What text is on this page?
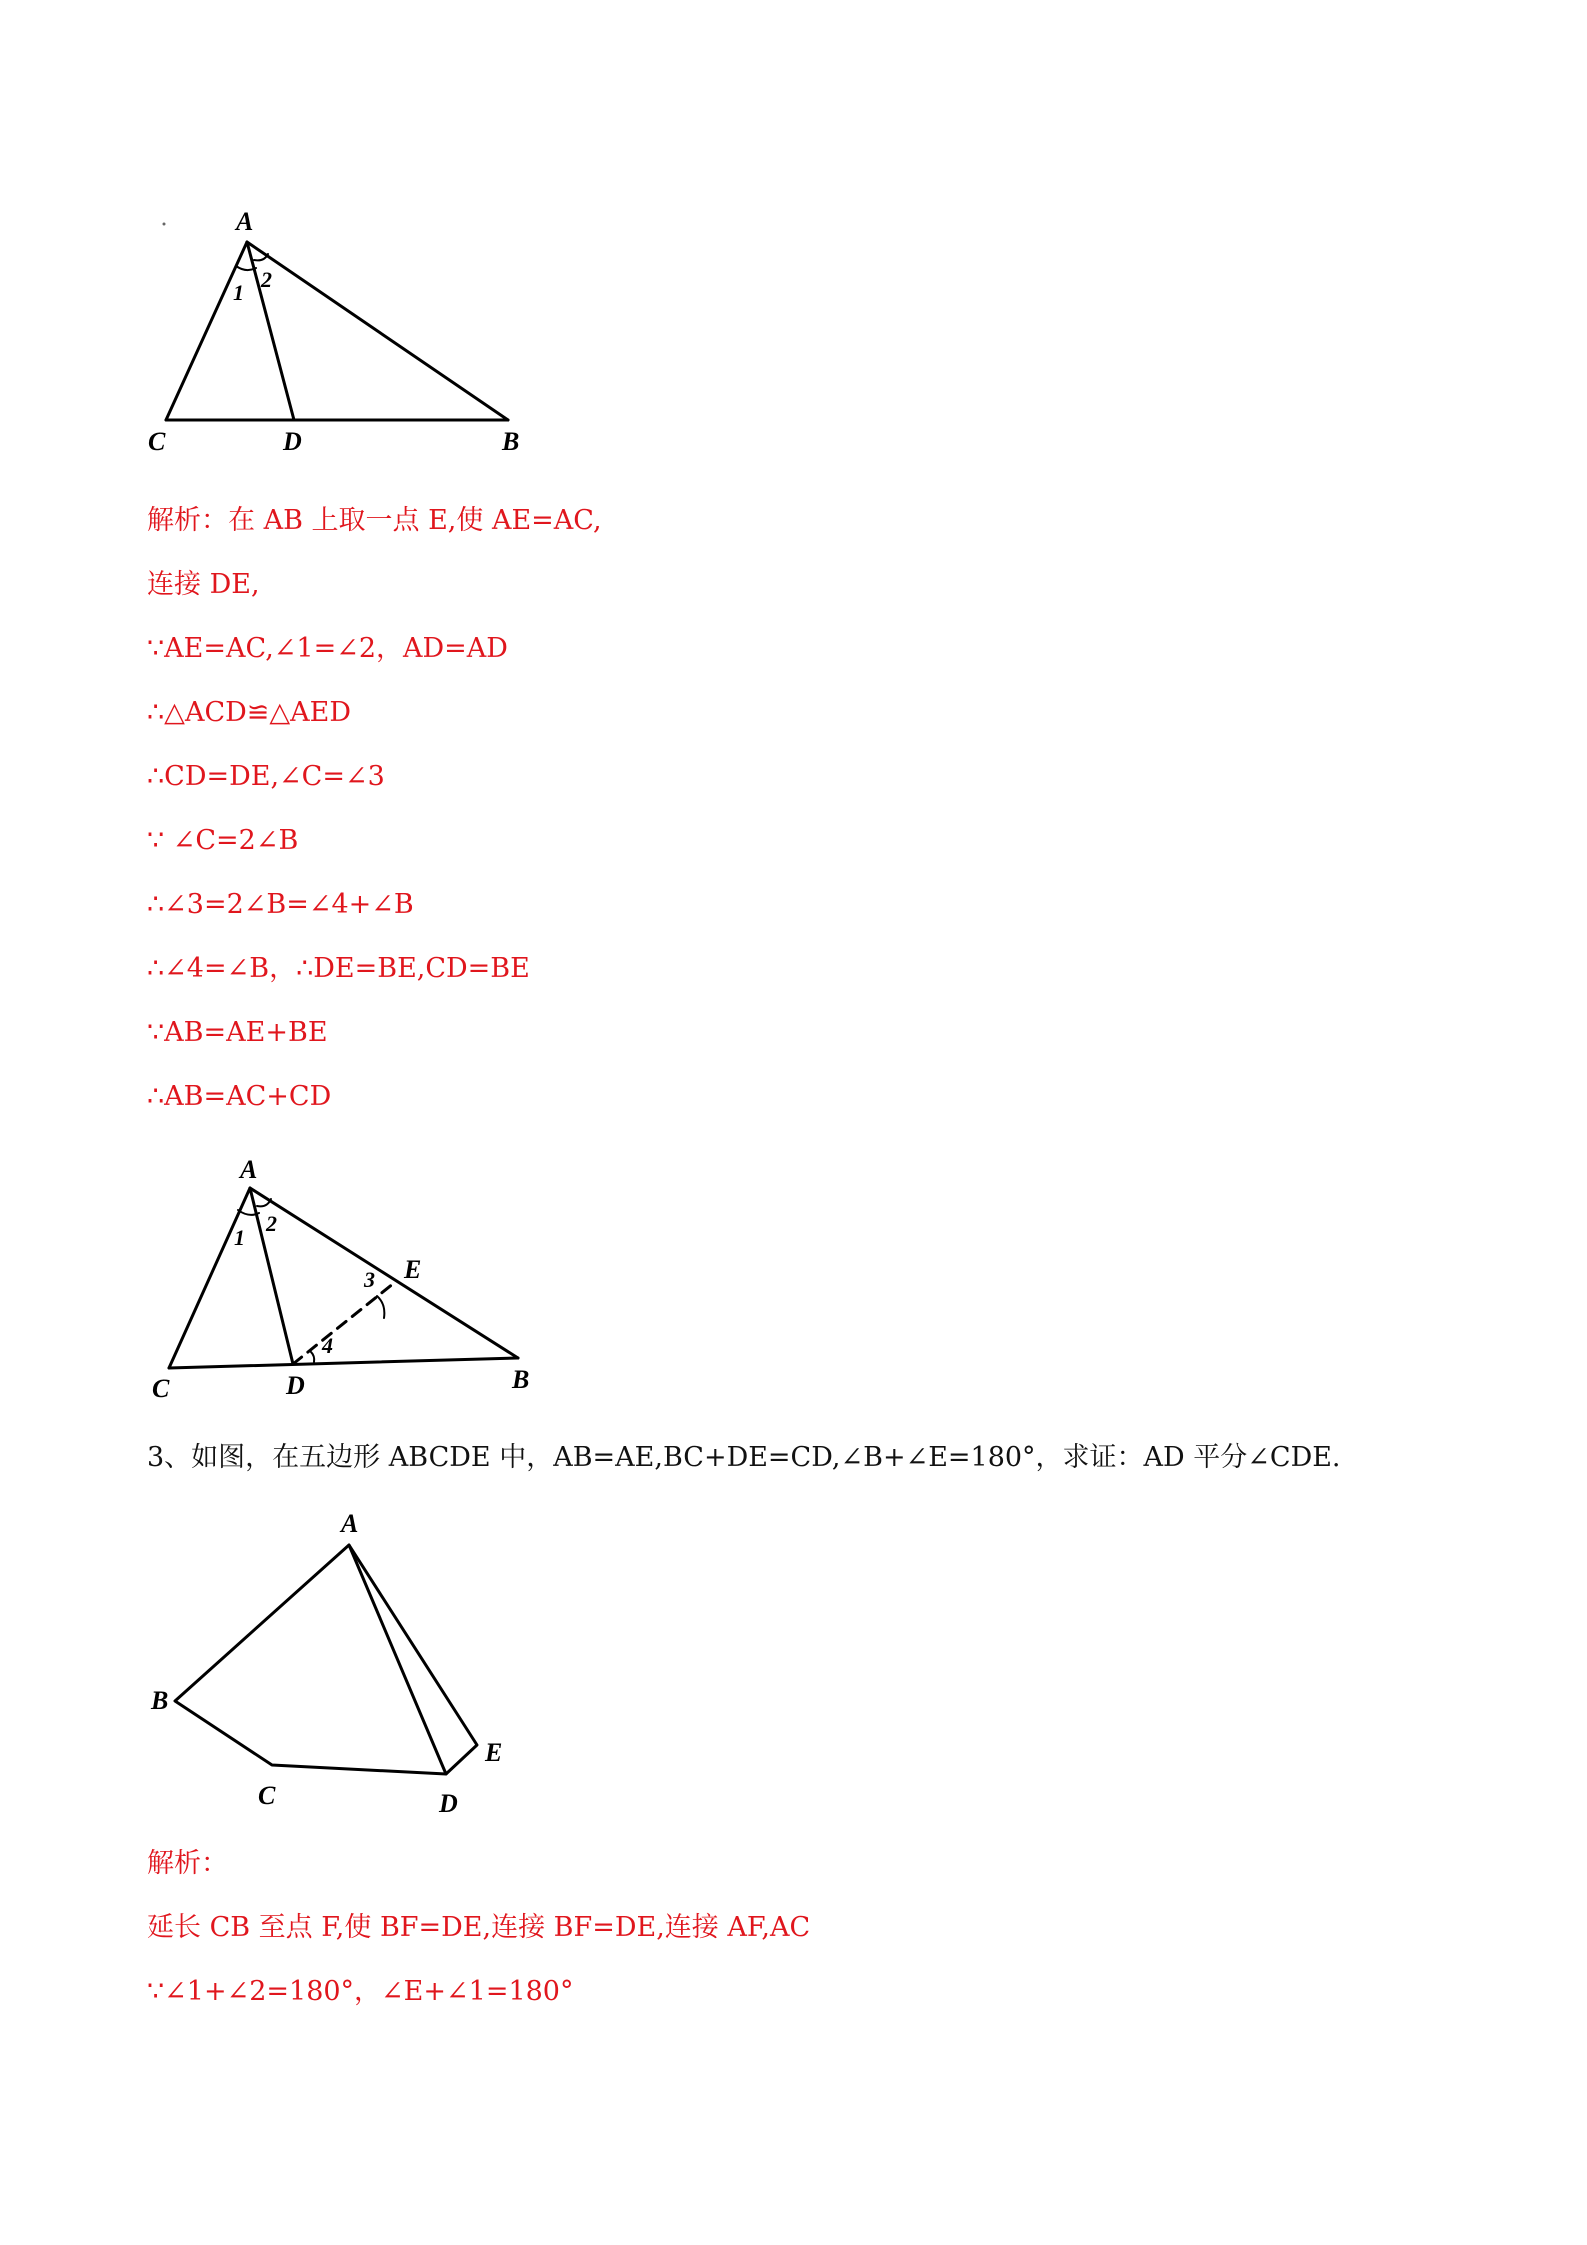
A
1
2
C	D	B
解析：在 AB 上取一点 E,使 AE=AC,
连接 DE,
∵AE=AC,∠1=∠2，AD=AD
∴△ACD≌△AED
∴CD=DE,∠C=∠3
∵ ∠C=2∠B
∴∠3=2∠B=∠4+∠B
∴∠4=∠B，∴DE=BE,CD=BE
∵AB=AE+BE
∴AB=AC+CD
A
1
2
3 E
4
C	D	B
3、如图，在五边形 ABCDE 中，AB=AE,BC+DE=CD,∠B+∠E=180°，求证：AD 平分∠CDE.
A
B
E
C	D
解析：
延长 CB 至点 F,使 BF=DE,连接 BF=DE,连接 AF,AC
∵∠1+∠2=180°，∠E+∠1=180°
